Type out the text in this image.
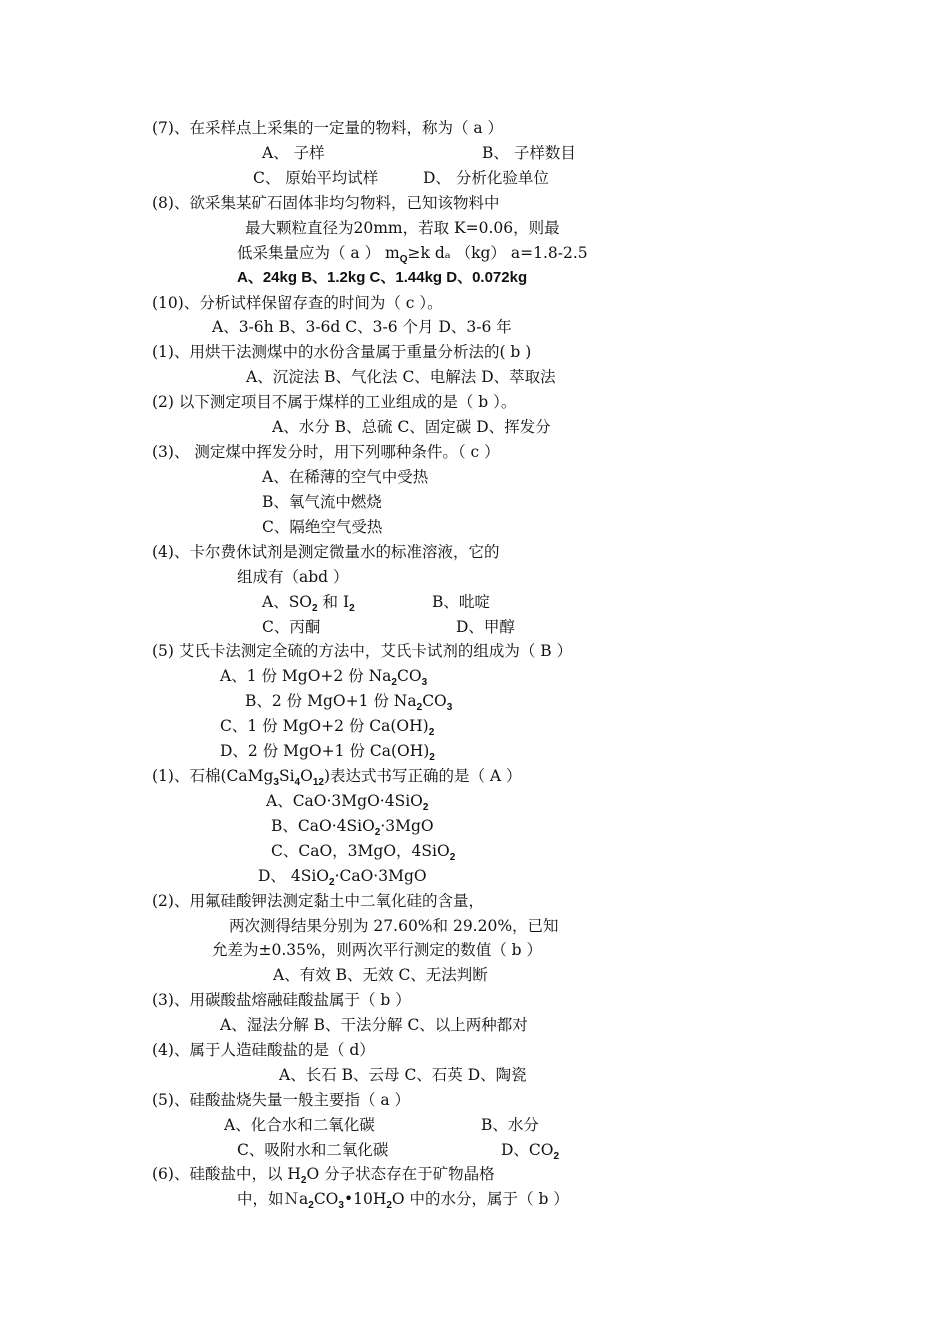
(7)、在采样点上采集的一定量的物料，称为（ a ）
A、 子样	B、 子样数目
C、 原始平均试样	D、 分析化验单位
(8)、欲采集某矿石固体非均匀物料，已知该物料中
最大颗粒直径为20mm，若取 K=0.06，则最
低采集量应为（ a ） $m_Q\ge k$ dₐ （kg） a=1.8-2.5
A、24kg B、1.2kg C、1.44kg D、0.072kg
(10)、分析试样保留存查的时间为（ c ）。
A、3-6h B、3-6d C、3-6 个月 D、3-6 年
(1)、用烘干法测煤中的水份含量属于重量分析法的( b )
A、沉淀法 B、气化法 C、电解法 D、萃取法
(2) 以下测定项目不属于煤样的工业组成的是（ b ）。
A、水分 B、总硫 C、固定碳 D、挥发分
(3)、 测定煤中挥发分时，用下列哪种条件。（ c ）
A、在稀薄的空气中受热
B、氧气流中燃烧
C、隔绝空气受热
(4)、卡尔费休试剂是测定微量水的标准溶液，它的
组成有（abd ）
A、$SO_2$ 和 $I_2$	B、吡啶
C、丙酮	D、甲醇
(5) 艾氏卡法测定全硫的方法中，艾氏卡试剂的组成为（ B ）
A、1 份 MgO+2 份 $Na_2CO_3$
B、2 份 MgO+1 份 $Na_2CO_3$
C、1 份 MgO+2 份 $Ca(OH)_2$
D、2 份 MgO+1 份 $Ca(OH)_2$
(1)、石棉$(CaMg_3Si_4O_{12})$表达式书写正确的是（ A ）
A、CaO·3MgO·4SiO$_2$
B、CaO·4SiO$_2$·3MgO
C、CaO，3MgO，4SiO$_2$
D、 4SiO$_2$·CaO·3MgO
(2)、用氟硅酸钾法测定黏土中二氧化硅的含量，
两次测得结果分别为 27.60%和 29.20%，已知
允差为±0.35%，则两次平行测定的数值（ b ）
A、有效 B、无效 C、无法判断
(3)、用碳酸盐熔融硅酸盐属于（ b ）
A、湿法分解 B、干法分解 C、以上两种都对
(4)、属于人造硅酸盐的是（ d）
A、长石 B、云母 C、石英 D、陶瓷
(5)、硅酸盐烧失量一般主要指（ a ）
A、化合水和二氧化碳	B、水分
C、吸附水和二氧化碳	D、$CO_2$
(6)、硅酸盐中，以 $H_2O$ 分子状态存在于矿物晶格
中，如$Na_2CO_3•10H_2O$ 中的水分，属于（ b ）
